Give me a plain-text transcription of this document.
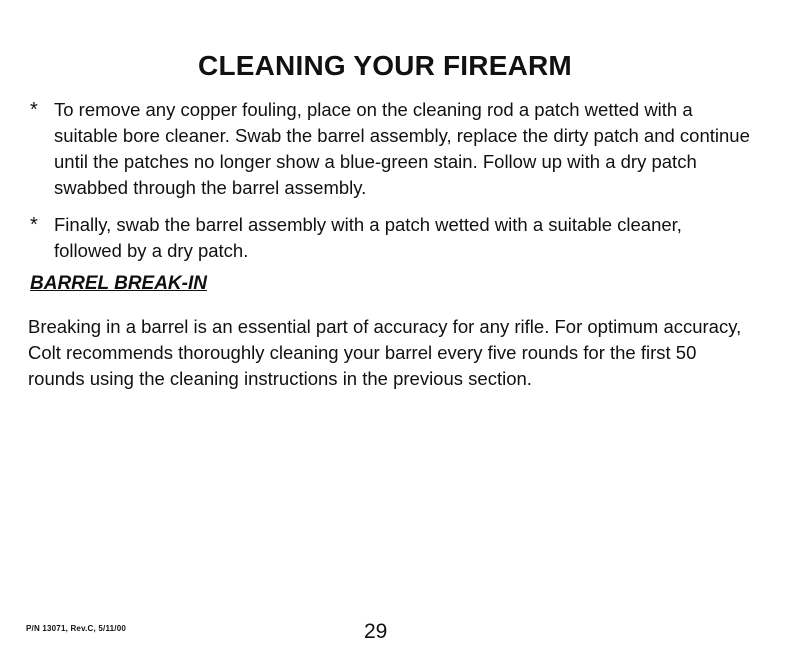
CLEANING YOUR FIREARM
* To remove any copper fouling, place on the cleaning rod a patch wetted with a suitable bore cleaner. Swab the barrel assembly, replace the dirty patch and continue until the patches no longer show a blue-green stain. Follow up with a dry patch swabbed through the barrel assembly.
* Finally, swab the barrel assembly with a patch wetted with a suitable cleaner, followed by a dry patch.
BARREL BREAK-IN

Breaking in a barrel is an essential part of accuracy for any rifle. For optimum accuracy, Colt recommends thoroughly cleaning your barrel every five rounds for the first 50 rounds using the cleaning instructions in the previous section.

P/N 13071, Rev.C, 5/11/00	29
